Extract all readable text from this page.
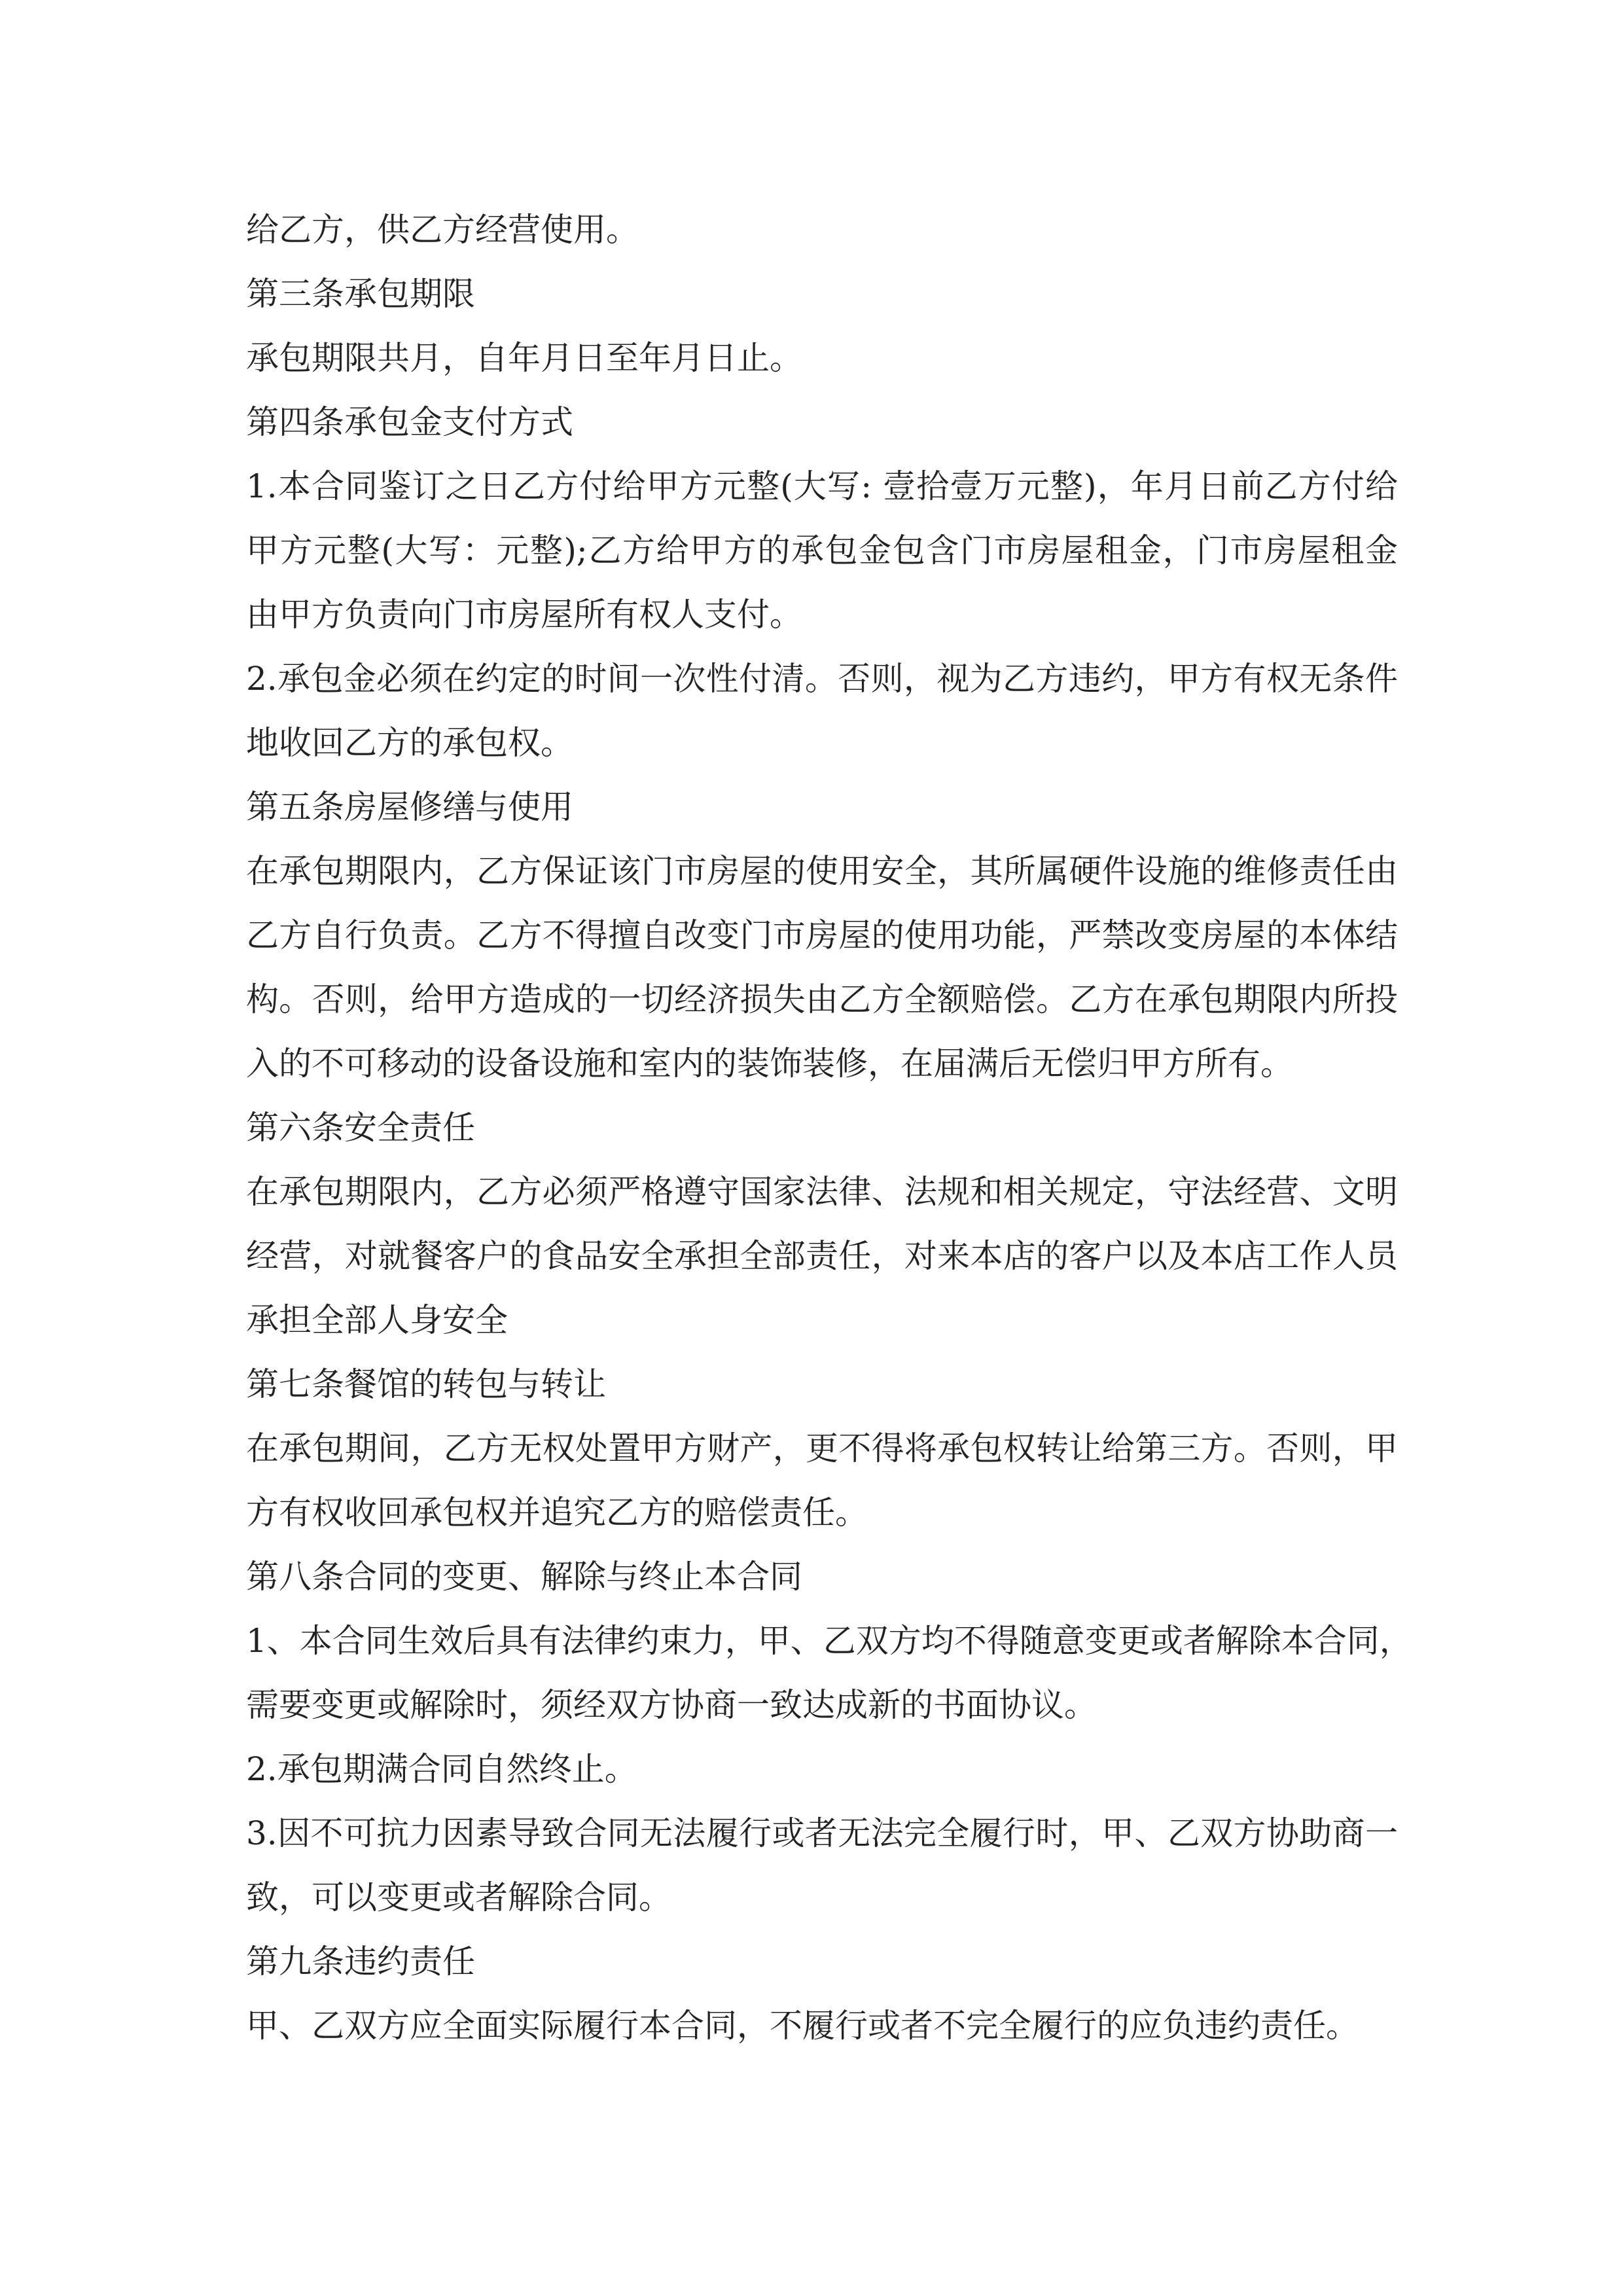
给乙方，供乙方经营使用。
第三条承包期限
承包期限共月，自年月日至年月日止。
第四条承包金支付方式
1.本合同鉴订之日乙方付给甲方元整(大写: 壹拾壹万元整)，年月日前乙方付给
甲方元整(大写：元整);乙方给甲方的承包金包含门市房屋租金，门市房屋租金
由甲方负责向门市房屋所有权人支付。
2.承包金必须在约定的时间一次性付清。否则，视为乙方违约，甲方有权无条件
地收回乙方的承包权。
第五条房屋修缮与使用
在承包期限内，乙方保证该门市房屋的使用安全，其所属硬件设施的维修责任由
乙方自行负责。乙方不得擅自改变门市房屋的使用功能，严禁改变房屋的本体结
构。否则，给甲方造成的一切经济损失由乙方全额赔偿。乙方在承包期限内所投
入的不可移动的设备设施和室内的装饰装修，在届满后无偿归甲方所有。
第六条安全责任
在承包期限内，乙方必须严格遵守国家法律、法规和相关规定，守法经营、文明
经营，对就餐客户的食品安全承担全部责任，对来本店的客户以及本店工作人员
承担全部人身安全
第七条餐馆的转包与转让
在承包期间，乙方无权处置甲方财产，更不得将承包权转让给第三方。否则，甲
方有权收回承包权并追究乙方的赔偿责任。
第八条合同的变更、解除与终止本合同
1、本合同生效后具有法律约束力，甲、乙双方均不得随意变更或者解除本合同，
需要变更或解除时，须经双方协商一致达成新的书面协议。
2.承包期满合同自然终止。
3.因不可抗力因素导致合同无法履行或者无法完全履行时，甲、乙双方协助商一
致，可以变更或者解除合同。
第九条违约责任
甲、乙双方应全面实际履行本合同，不履行或者不完全履行的应负违约责任。
